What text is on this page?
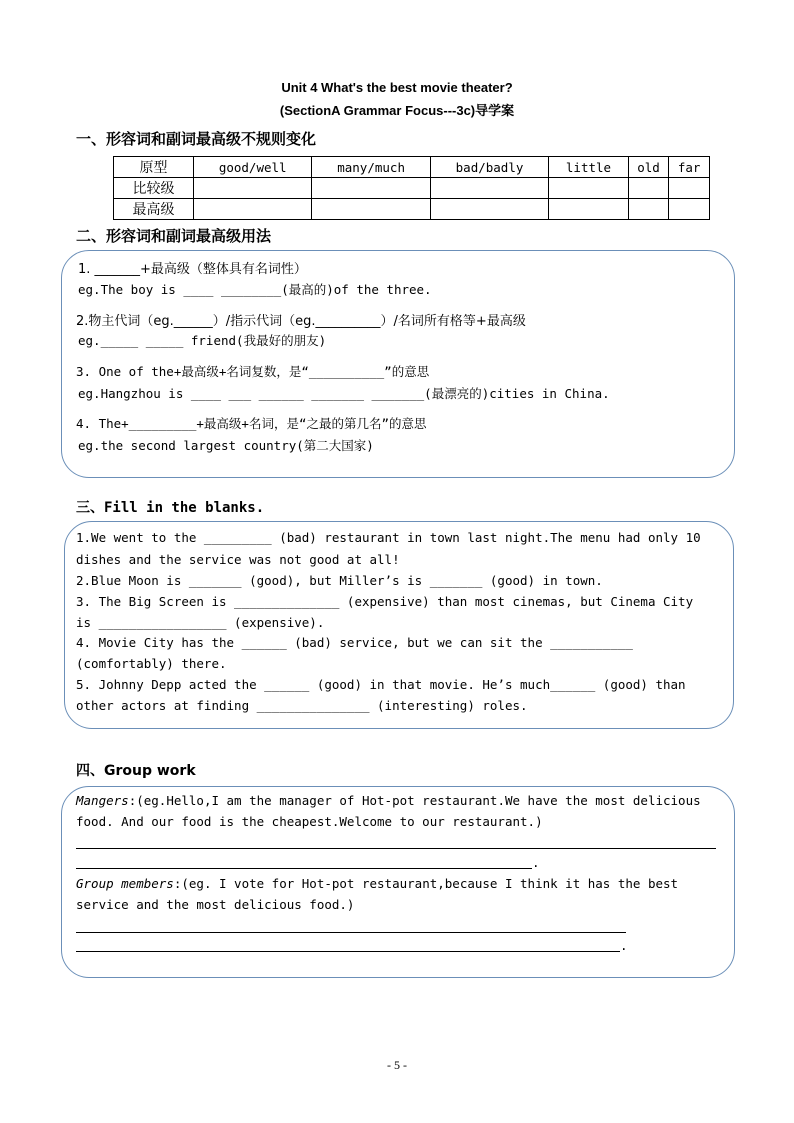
Unit 4 What's the best movie theater?
(SectionA Grammar Focus---3c)导学案
一、形容词和副词最高级不规则变化
原型	good/well	many/much	bad/badly	little	old	far
比较级						
最高级						
二、形容词和副词最高级用法
1. _______+最高级（整体具有名词性）
eg.The boy is ____ ________(最高的)of the three.
2.物主代词（eg.______）/指示代词（eg.__________）/名词所有格等+最高级
eg._____ _____ friend(我最好的朋友)
3. One of the+最高级+名词复数，是“__________”的意思
eg.Hangzhou is ____ ___ ______ _______ _______(最漂亮的)cities in China.
4. The+_________+最高级+名词，是“之最的第几名”的意思
eg.the second largest country(第二大国家)
三、Fill in the blanks.
1.We went to the _________ (bad) restaurant in town last night.The menu had only 10
dishes and the service was not good at all!
2.Blue Moon is _______ (good), but Miller’s is _______ (good) in town.
3. The Big Screen is ______________ (expensive) than most cinemas, but Cinema City
is _________________ (expensive).
4. Movie City has the ______ (bad) service, but we can sit the ___________
(comfortably) there.
5. Johnny Depp acted the ______ (good) in that movie. He’s much______ (good) than
other actors at finding _______________ (interesting) roles.
四、Group work
Mangers:(eg.Hello,I am the manager of Hot-pot restaurant.We have the most delicious
food. And our food is the cheapest.Welcome to our restaurant.)
.
Group members:(eg. I vote for Hot-pot restaurant,because I think it has the best
service and the most delicious food.)
.
- 5 -
